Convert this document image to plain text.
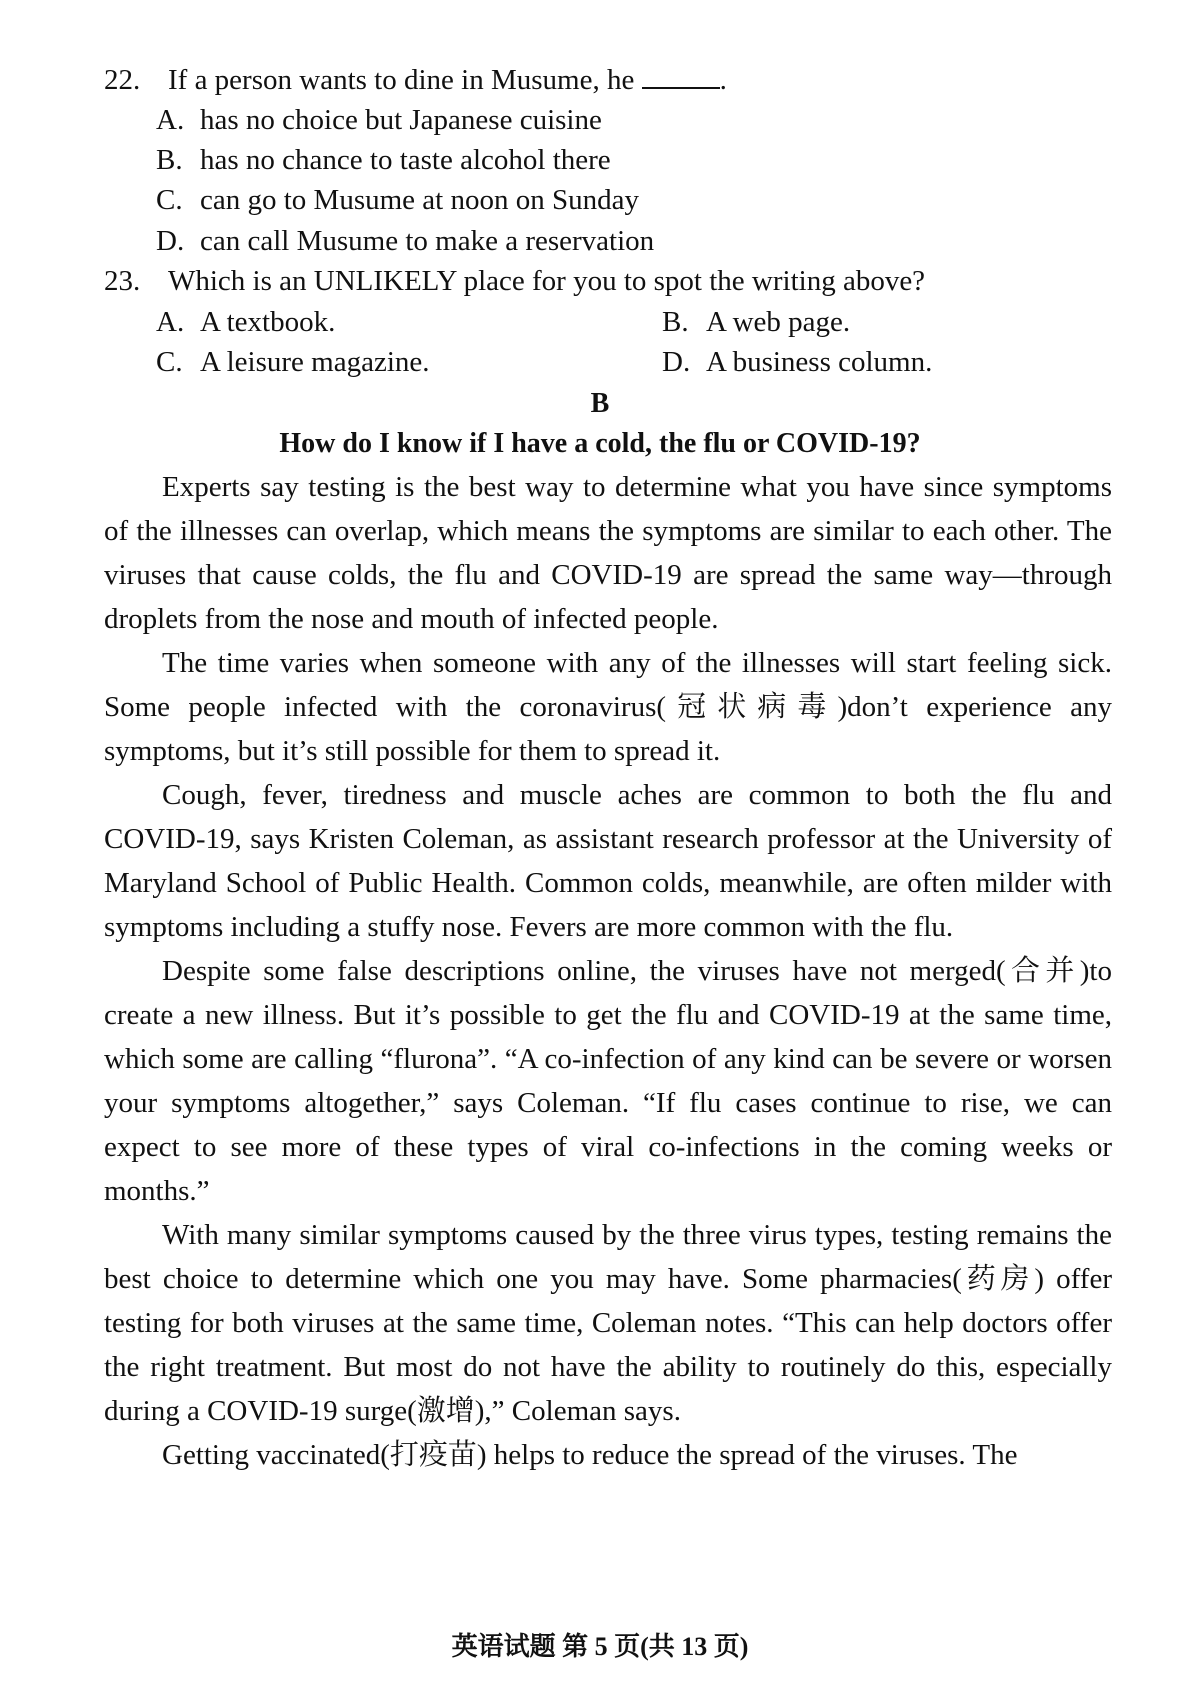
22. If a person wants to dine in Musume, he	.
A. has no choice but Japanese cuisine
B. has no chance to taste alcohol there
C. can go to Musume at noon on Sunday
D. can call Musume to make a reservation
23. Which is an UNLIKELY place for you to spot the writing above?
A. A textbook.	B. A web page.
C. A leisure magazine.	D. A business column.
B
How do I know if I have a cold, the flu or COVID-19?

Experts say testing is the best way to determine what you have since symptoms of the illnesses can overlap, which means the symptoms are similar to each other. The viruses that cause colds, the flu and COVID-19 are spread the same way—through droplets from the nose and mouth of infected people.

The time varies when someone with any of the illnesses will start feeling sick. Some people infected with the coronavirus(冠状病毒)don’t experience any symptoms, but it’s still possible for them to spread it.

Cough, fever, tiredness and muscle aches are common to both the flu and COVID-19, says Kristen Coleman, as assistant research professor at the University of Maryland School of Public Health. Common colds, meanwhile, are often milder with symptoms including a stuffy nose. Fevers are more common with the flu.

Despite some false descriptions online, the viruses have not merged(合并)to create a new illness. But it’s possible to get the flu and COVID-19 at the same time, which some are calling “flurona”. “A co-infection of any kind can be severe or worsen your symptoms altogether,” says Coleman. “If flu cases continue to rise, we can expect to see more of these types of viral co-infections in the coming weeks or months.”

With many similar symptoms caused by the three virus types, testing remains the best choice to determine which one you may have. Some pharmacies(药房) offer testing for both viruses at the same time, Coleman notes. “This can help doctors offer the right treatment. But most do not have the ability to routinely do this, especially during a COVID-19 surge(激增),” Coleman says.

Getting vaccinated(打疫苗) helps to reduce the spread of the viruses. The

英语试题 第 5 页(共 13 页)
